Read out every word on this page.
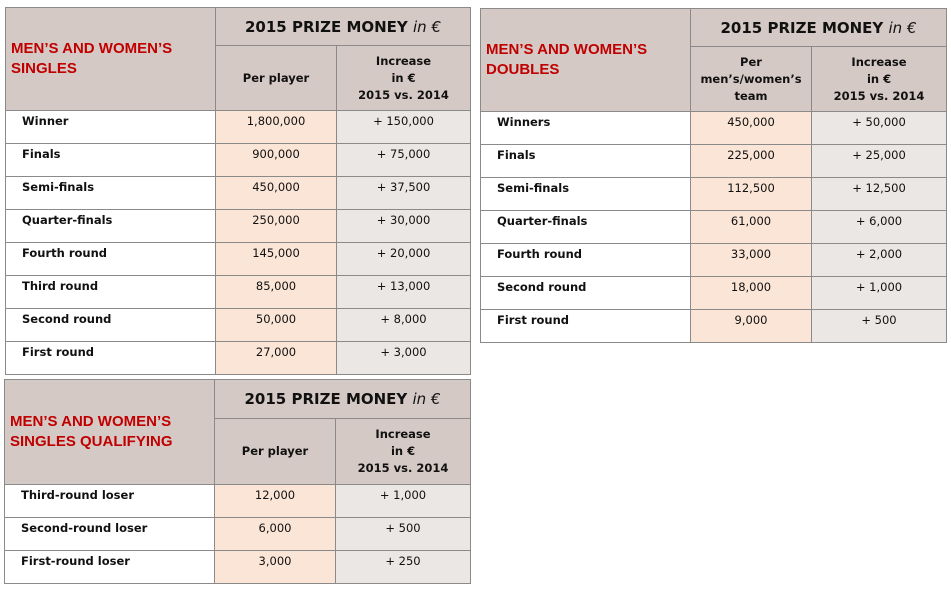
MEN’S AND WOMEN’S SINGLES	2015 PRIZE MONEY in €	
	Per player	Increase
in €
2015 vs. 2014

Winner	1,800,000	+ 150,000
Finals	900,000	+ 75,000
Semi-finals	450,000	+ 37,500
Quarter-finals	250,000	+ 30,000
Fourth round	145,000	+ 20,000
Third round	85,000	+ 13,000
Second round	50,000	+ 8,000
First round	27,000	+ 3,000
MEN’S AND WOMEN’S DOUBLES	2015 PRIZE MONEY in €	

	Per men’s/women’s
team	Increase
in €
2015 vs. 2014

Winners	450,000	+ 50,000
Finals	225,000	+ 25,000
Semi-finals	112,500	+ 12,500
Quarter-finals	61,000	+ 6,000
Fourth round	33,000	+ 2,000
Second round	18,000	+ 1,000
First round	9,000	+ 500
MEN’S AND WOMEN’S SINGLES QUALIFYING	2015 PRIZE MONEY in €	
	Per player	Increase
in €
2015 vs. 2014

Third-round loser	12,000	+ 1,000
Second-round loser	6,000	+ 500
First-round loser	3,000	+ 250
